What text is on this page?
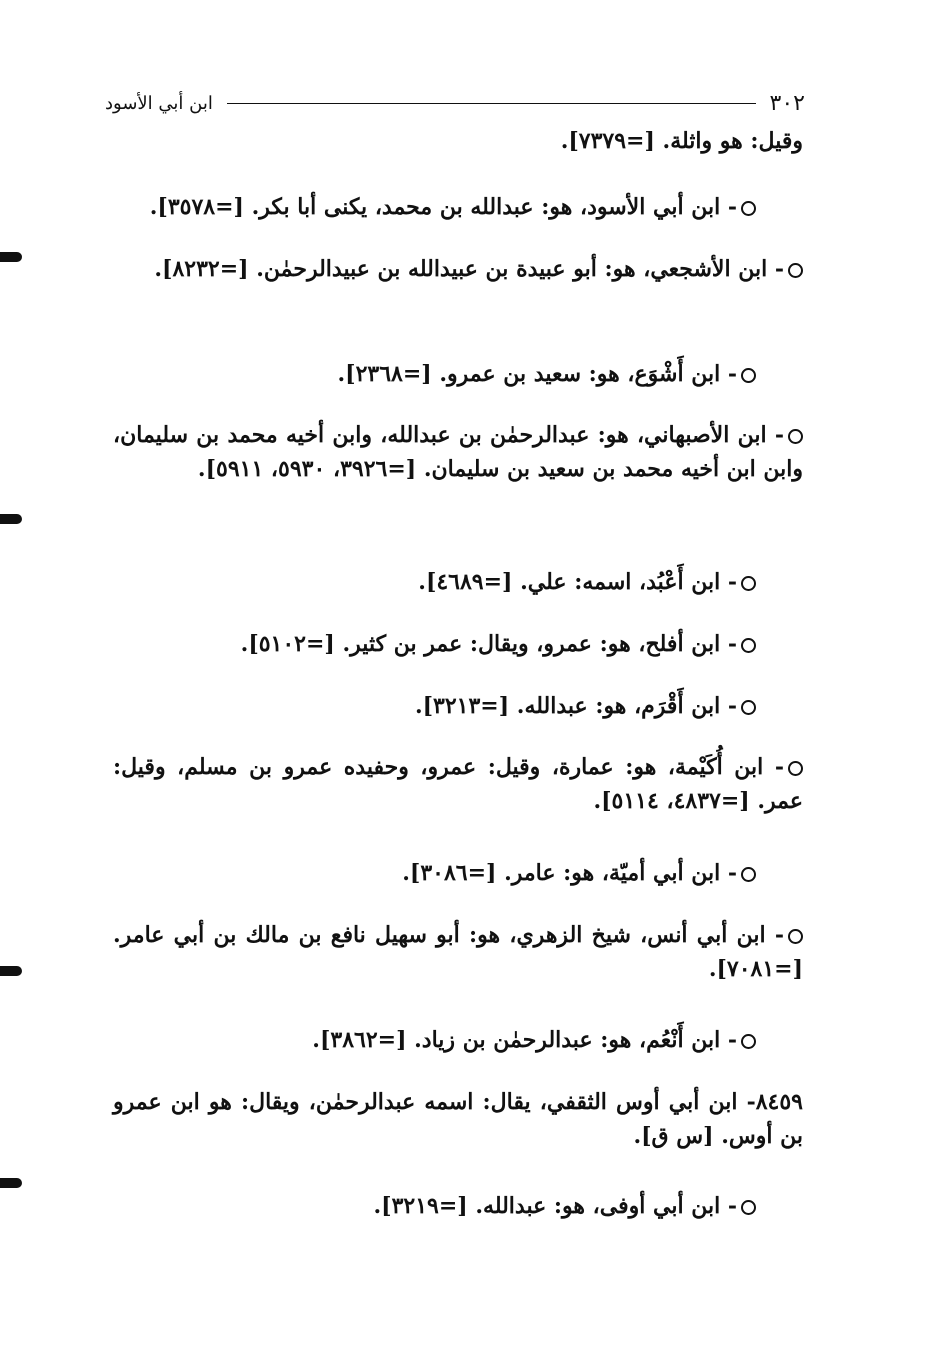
٣٠٢
ابن أبي الأسود
وقيل: هو واثلة. [=٧٣٧٩].
- ابن أبي الأسود، هو: عبدالله بن محمد، يكنى أبا بكر. [=٣٥٧٨].
- ابن الأشجعي، هو: أبو عبيدة بن عبيدالله بن عبيدالرحمٰن. [=٨٢٣٢].
- ابن أَشْوَع، هو: سعيد بن عمرو. [=٢٣٦٨].
- ابن الأصبهاني، هو: عبدالرحمٰن بن عبدالله، وابن أخيه محمد بن سليمان، وابن ابن أخيه محمد بن سعيد بن سليمان. [=٣٩٢٦، ٥٩٣٠، ٥٩١١].
- ابن أَعْبُد، اسمه: علي. [=٤٦٨٩].
- ابن أفلح، هو: عمرو، ويقال: عمر بن كثير. [=٥١٠٢].
- ابن أَقْرَم، هو: عبدالله. [=٣٢١٣].
- ابن أُكَيْمة، هو: عمارة، وقيل: عمرو، وحفيده عمرو بن مسلم، وقيل: عمر. [=٤٨٣٧، ٥١١٤].
- ابن أبي أميّة، هو: عامر. [=٣٠٨٦].
- ابن أبي أنس، شيخ الزهري، هو: أبو سهيل نافع بن مالك بن أبي عامر. [=٧٠٨١].
- ابن أَنْعُم، هو: عبدالرحمٰن بن زياد. [=٣٨٦٢].
٨٤٥٩- ابن أبي أوس الثقفي، يقال: اسمه عبدالرحمٰن، ويقال: هو ابن عمرو بن أوس. [س ق].
- ابن أبي أوفى، هو: عبدالله. [=٣٢١٩].
